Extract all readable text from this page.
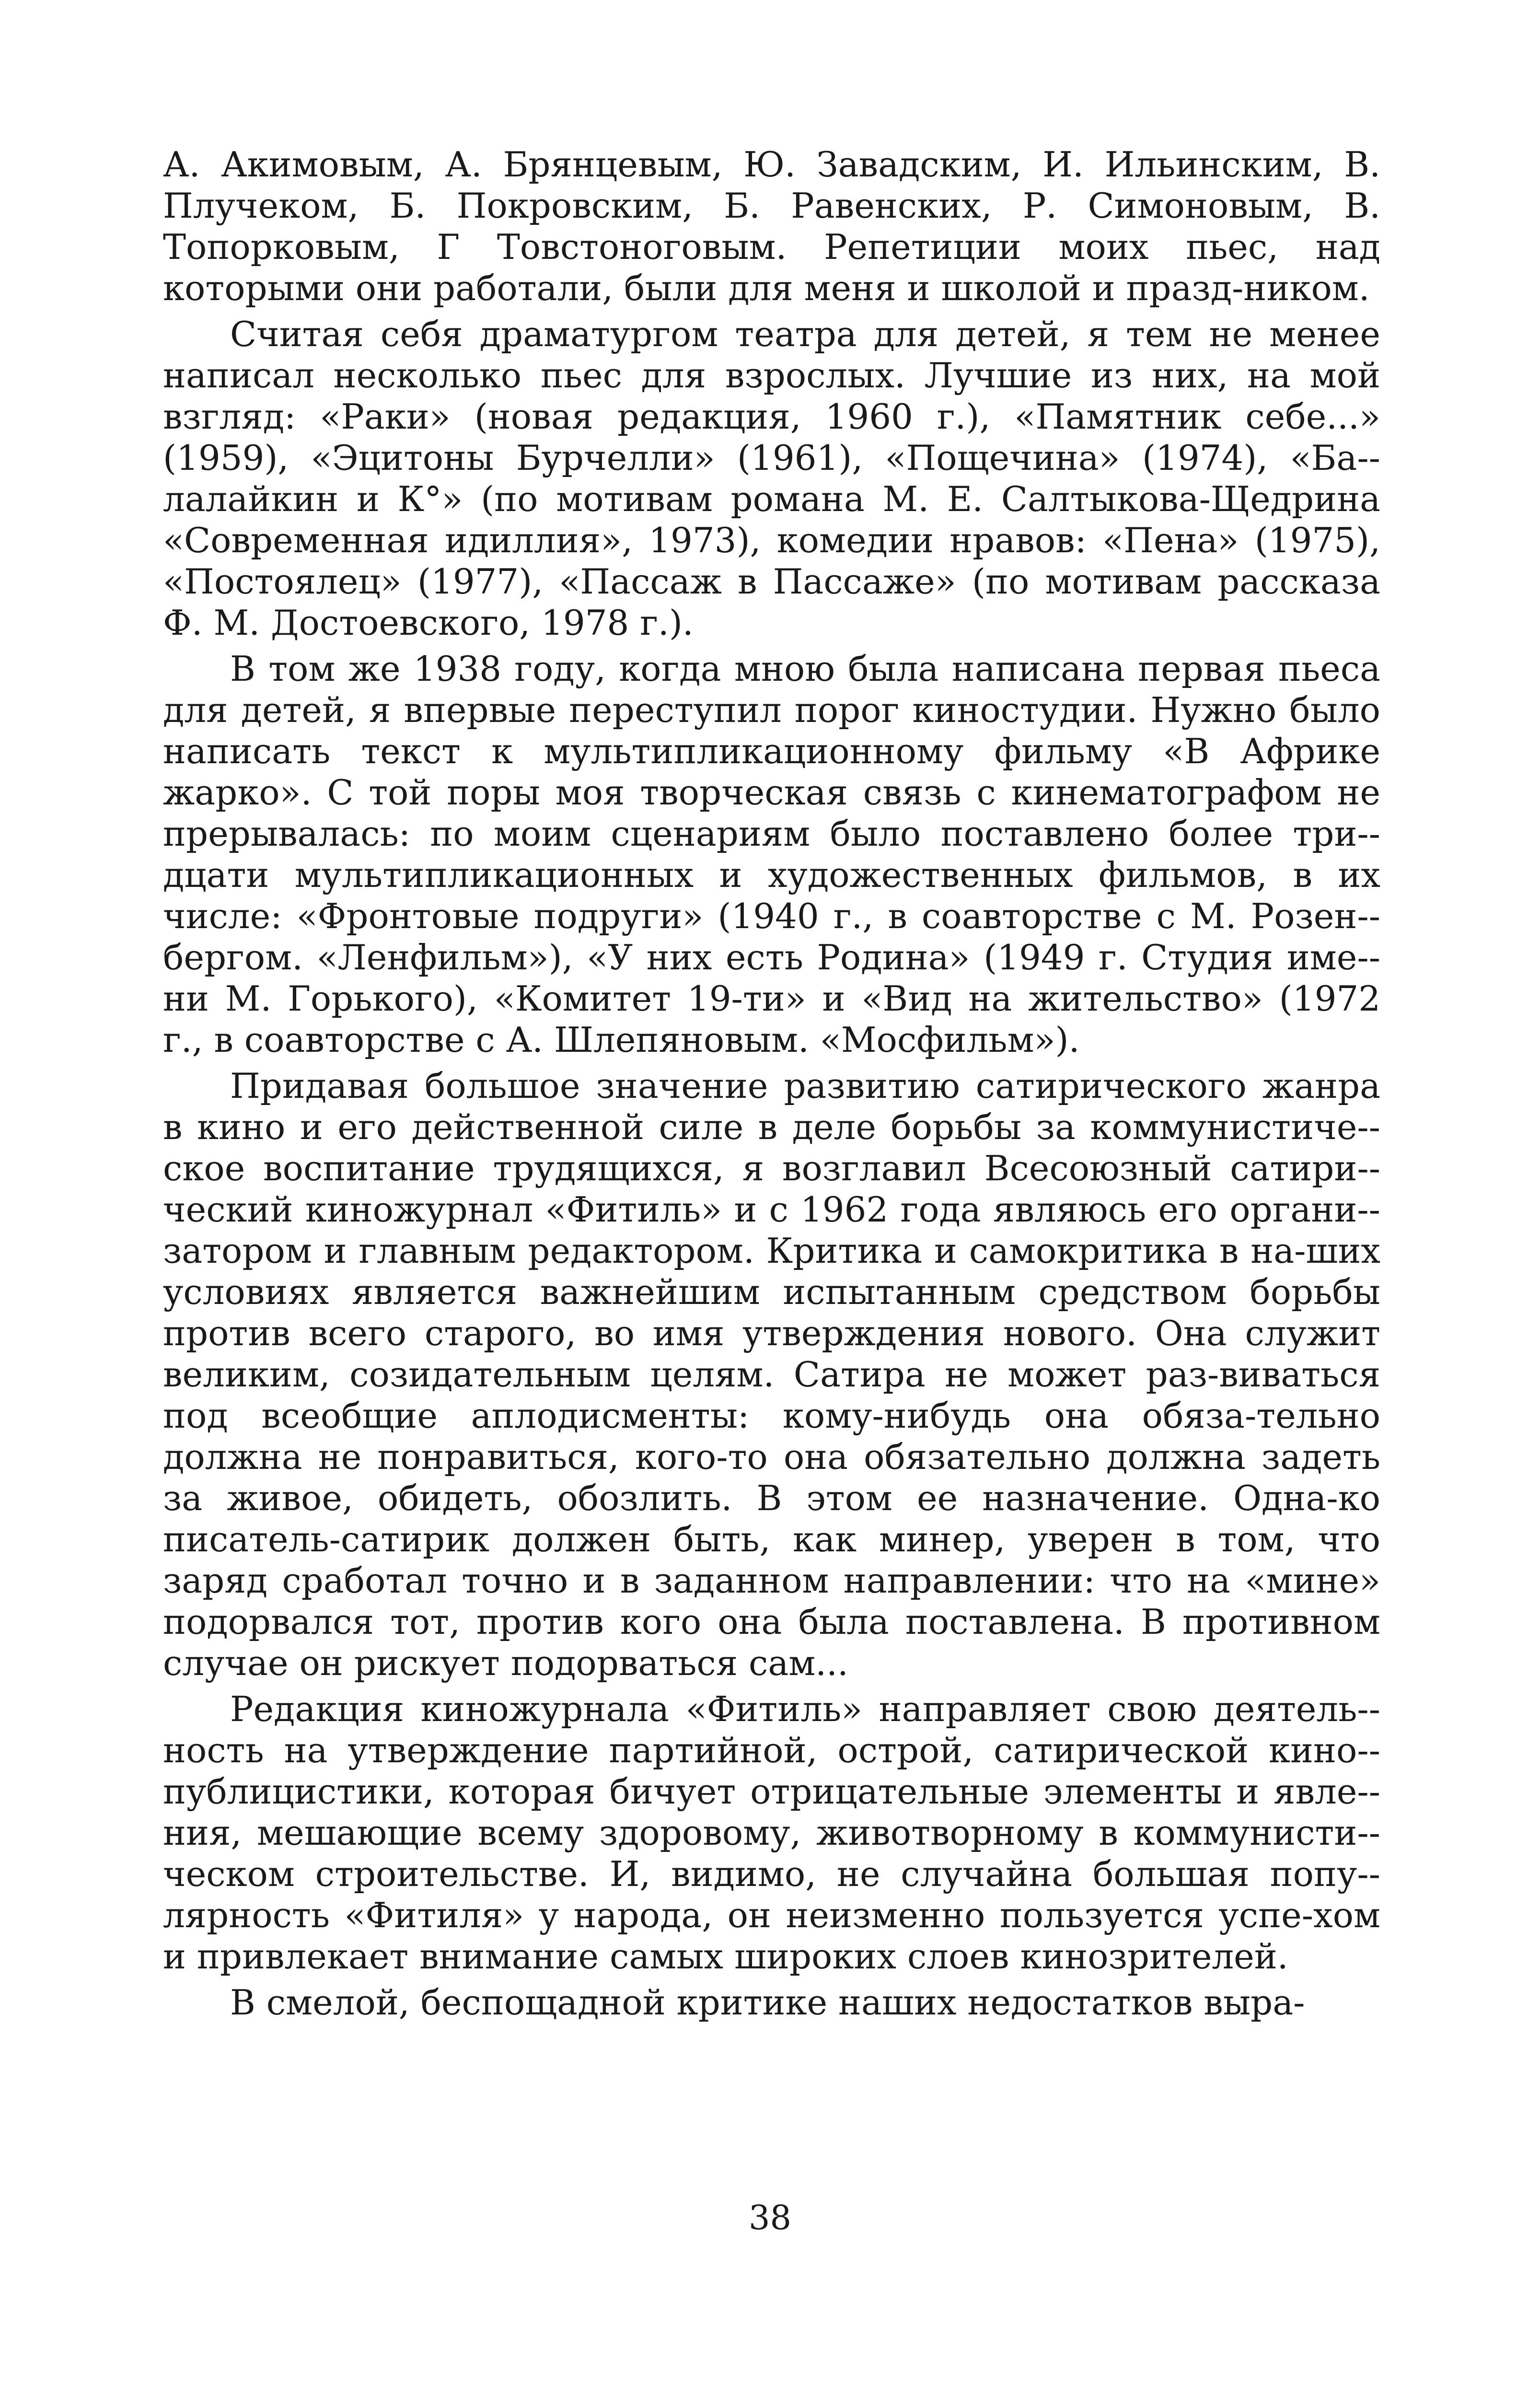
А. Акимовым, А. Брянцевым, Ю. Завадским, И. Ильинским, В. Плучеком, Б. Покровским, Б. Равенских, Р. Симоновым, В. Топорковым, Г Товстоноговым. Репетиции моих пьес, над которыми они работали, были для меня и школой и празд-ником.

Считая себя драматургом театра для детей, я тем не менее написал несколько пьес для взрослых. Лучшие из них, на мой взгляд: «Раки» (новая редакция, 1960 г.), «Памятник себе...» (1959), «Эцитоны Бурчелли» (1961), «Пощечина» (1974), «Ба-лалайкин и К°» (по мотивам романа М. Е. Салтыкова-Щедрина «Современная идиллия», 1973), комедии нравов: «Пена» (1975), «Постоялец» (1977), «Пассаж в Пассаже» (по мотивам рассказа Ф. М. Достоевского, 1978 г.).

В том же 1938 году, когда мною была написана первая пьеса для детей, я впервые переступил порог киностудии. Нужно было написать текст к мультипликационному фильму «В Африке жарко». С той поры моя творческая связь с кинематографом не прерывалась: по моим сценариям было поставлено более три-дцати мультипликационных и художественных фильмов, в их числе: «Фронтовые подруги» (1940 г., в соавторстве с М. Розен-бергом. «Ленфильм»), «У них есть Родина» (1949 г. Студия име-ни М. Горького), «Комитет 19-ти» и «Вид на жительство» (1972 г., в соавторстве с А. Шлепяновым. «Мосфильм»).

Придавая большое значение развитию сатирического жанра в кино и его действенной силе в деле борьбы за коммунистиче-ское воспитание трудящихся, я возглавил Всесоюзный сатири-ческий киножурнал «Фитиль» и с 1962 года являюсь его органи-затором и главным редактором. Критика и самокритика в на-ших условиях является важнейшим испытанным средством борьбы против всего старого, во имя утверждения нового. Она служит великим, созидательным целям. Сатира не может раз-виваться под всеобщие аплодисменты: кому-нибудь она обяза-тельно должна не понравиться, кого-то она обязательно должна задеть за живое, обидеть, обозлить. В этом ее назначение. Одна-ко писатель-сатирик должен быть, как минер, уверен в том, что заряд сработал точно и в заданном направлении: что на «мине» подорвался тот, против кого она была поставлена. В противном случае он рискует подорваться сам...

Редакция киножурнала «Фитиль» направляет свою деятель-ность на утверждение партийной, острой, сатирической кино-публицистики, которая бичует отрицательные элементы и явле-ния, мешающие всему здоровому, животворному в коммунисти-ческом строительстве. И, видимо, не случайна большая попу-лярность «Фитиля» у народа, он неизменно пользуется успе-хом и привлекает внимание самых широких слоев кинозрителей.

В смелой, беспощадной критике наших недостатков выра-

38
